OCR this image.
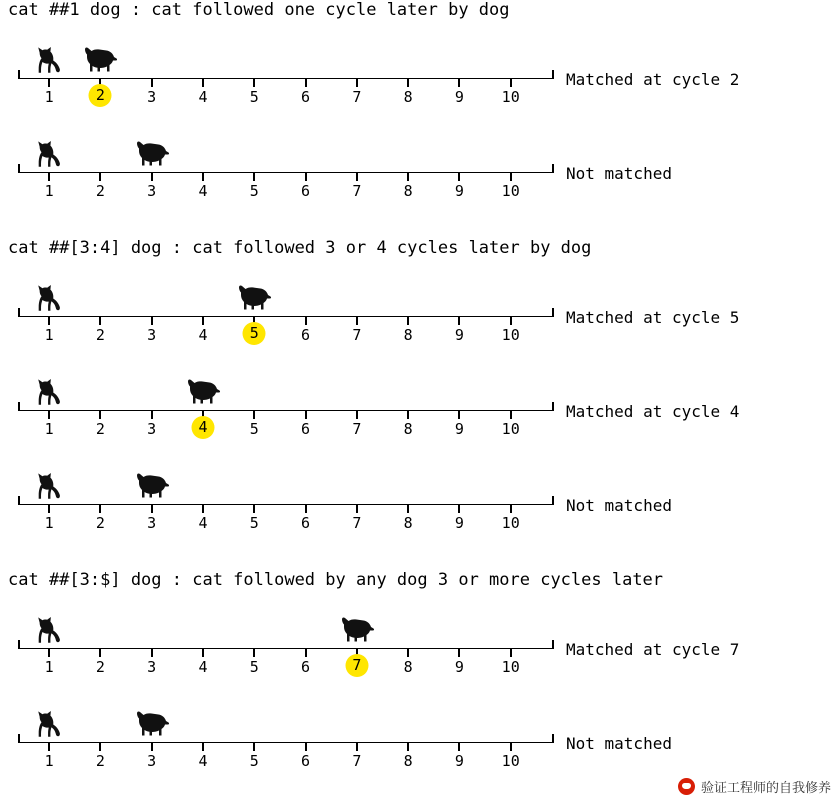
cat ##1 dog : cat followed one cycle later by dog
1	2	3	4	5	6	7	8	9	10
Matched at cycle 2
1	2	3	4	5	6	7	8	9	10
Not matched
cat ##[3:4] dog : cat followed 3 or 4 cycles later by dog
1	2	3	4	5	6	7	8	9	10
Matched at cycle 5
1	2	3	4	5	6	7	8	9	10
Matched at cycle 4
1	2	3	4	5	6	7	8	9	10
Not matched
cat ##[3:$] dog : cat followed by any dog 3 or more cycles later
1	2	3	4	5	6	7	8	9	10
Matched at cycle 7
1	2	3	4	5	6	7	8	9	10
Not matched
验证工程师的自我修养
